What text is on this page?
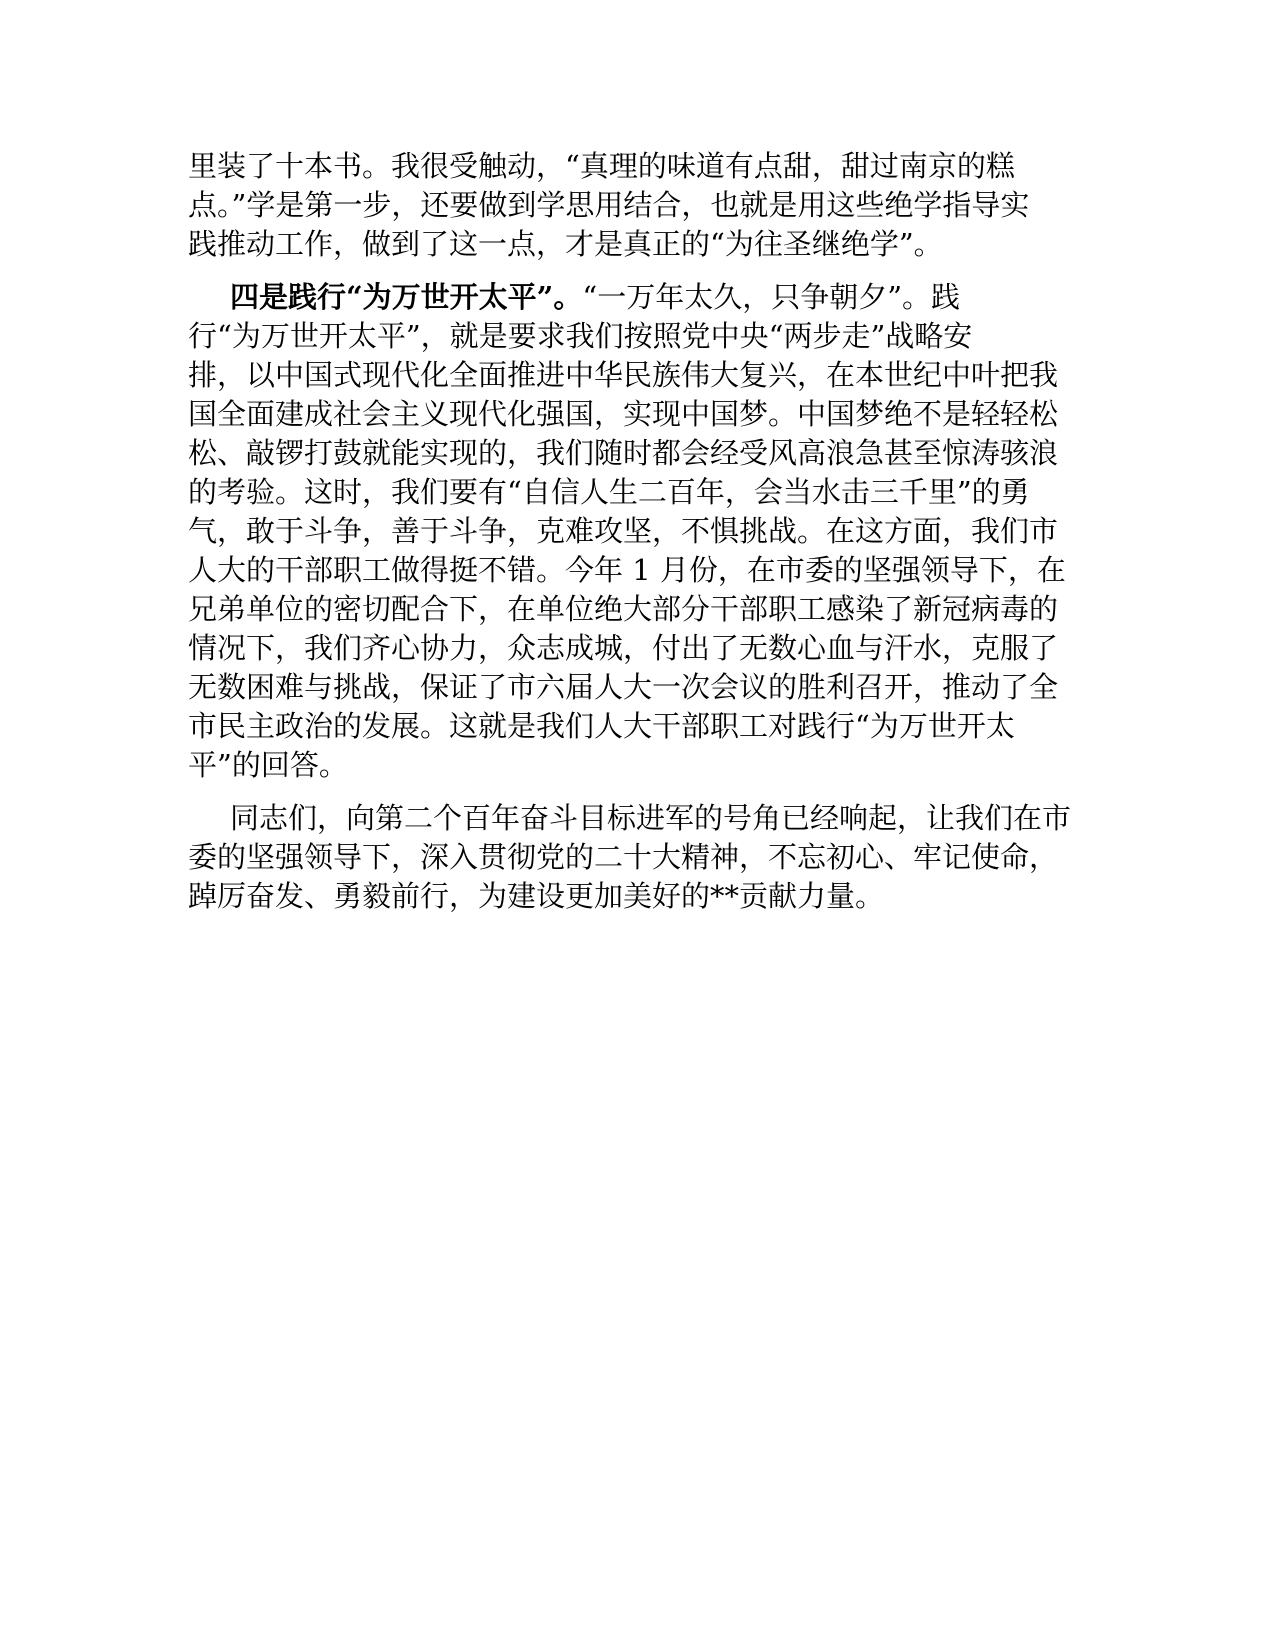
里装了十本书。我很受触动，“真理的味道有点甜，甜过南京的糕
点。”学是第一步，还要做到学思用结合，也就是用这些绝学指导实
践推动工作，做到了这一点，才是真正的“为往圣继绝学”。
四是践行“为万世开太平”。“一万年太久，只争朝夕”。践
行“为万世开太平”，就是要求我们按照党中央“两步走”战略安
排，以中国式现代化全面推进中华民族伟大复兴，在本世纪中叶把我
国全面建成社会主义现代化强国，实现中国梦。中国梦绝不是轻轻松
松、敲锣打鼓就能实现的，我们随时都会经受风高浪急甚至惊涛骇浪
的考验。这时，我们要有“自信人生二百年，会当水击三千里”的勇
气，敢于斗争，善于斗争，克难攻坚，不惧挑战。在这方面，我们市
人大的干部职工做得挺不错。今年 1 月份，在市委的坚强领导下，在
兄弟单位的密切配合下，在单位绝大部分干部职工感染了新冠病毒的
情况下，我们齐心协力，众志成城，付出了无数心血与汗水，克服了
无数困难与挑战，保证了市六届人大一次会议的胜利召开，推动了全
市民主政治的发展。这就是我们人大干部职工对践行“为万世开太
平”的回答。
同志们，向第二个百年奋斗目标进军的号角已经响起，让我们在市
委的坚强领导下，深入贯彻党的二十大精神，不忘初心、牢记使命，
踔厉奋发、勇毅前行，为建设更加美好的**贡献力量。
